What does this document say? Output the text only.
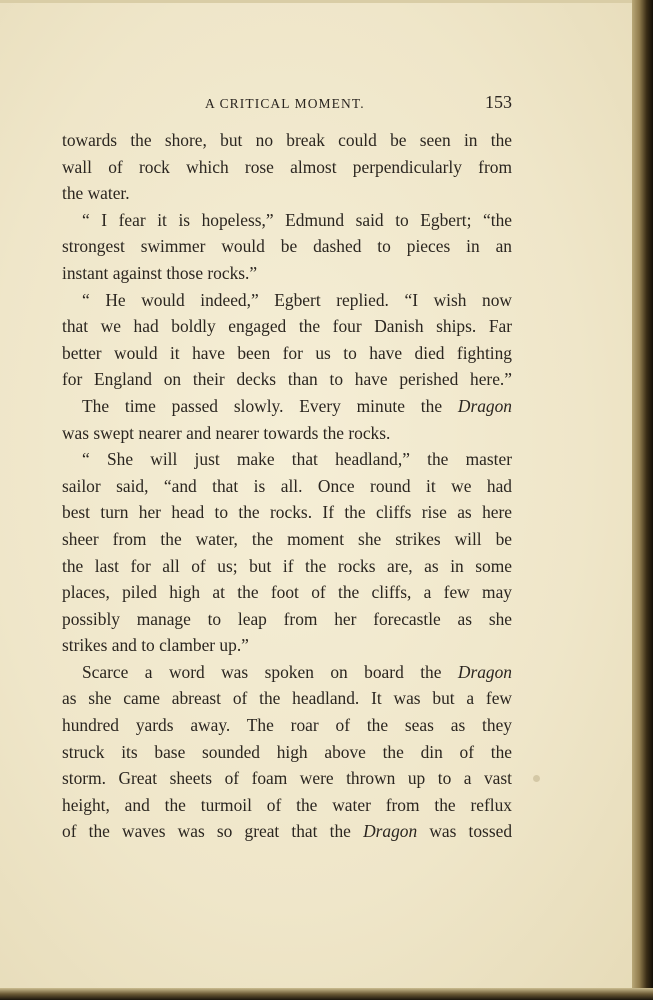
A CRITICAL MOMENT.	153
towards the shore, but no break could be seen in the
wall of rock which rose almost perpendicularly from
the water.
“ I fear it is hopeless,” Edmund said to Egbert; “the
strongest swimmer would be dashed to pieces in an
instant against those rocks.”
“ He would indeed,” Egbert replied. “I wish now
that we had boldly engaged the four Danish ships. Far
better would it have been for us to have died fighting
for England on their decks than to have perished here.”
The time passed slowly. Every minute the Dragon
was swept nearer and nearer towards the rocks.
“ She will just make that headland,” the master
sailor said, “and that is all. Once round it we had
best turn her head to the rocks. If the cliffs rise as here
sheer from the water, the moment she strikes will be
the last for all of us; but if the rocks are, as in some
places, piled high at the foot of the cliffs, a few may
possibly manage to leap from her forecastle as she
strikes and to clamber up.”
Scarce a word was spoken on board the Dragon
as she came abreast of the headland. It was but a few
hundred yards away. The roar of the seas as they
struck its base sounded high above the din of the
storm. Great sheets of foam were thrown up to a vast
height, and the turmoil of the water from the reflux
of the waves was so great that the Dragon was tossed
